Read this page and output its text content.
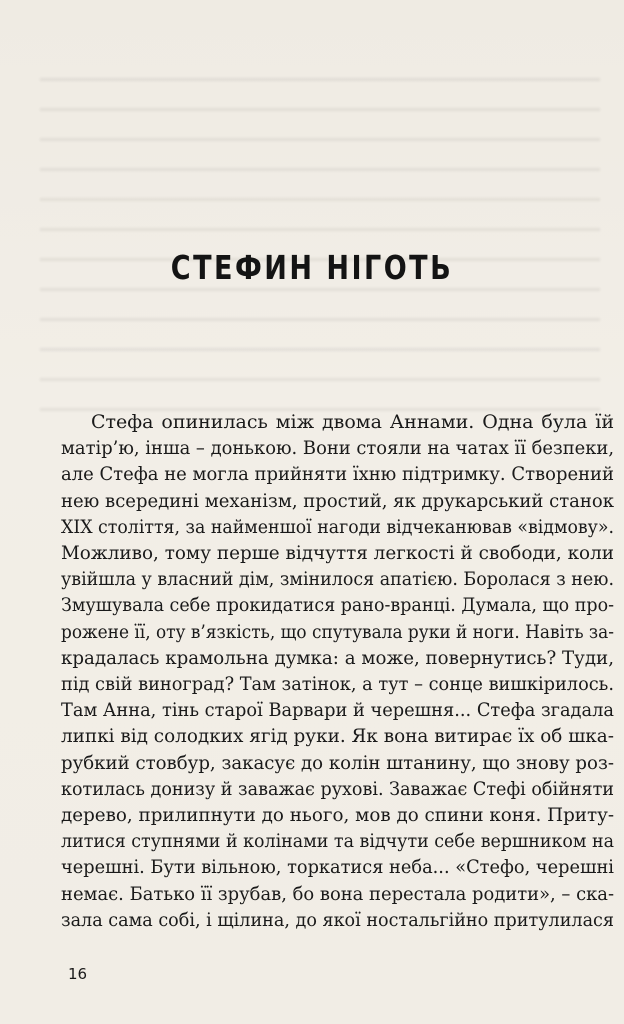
СТЕФИН НІГОТЬ
Стефа опинилась між двома Аннами. Одна була їй
матір’ю, інша – донькою. Вони стояли на чатах її безпеки,
але Стефа не могла прийняти їхню підтримку. Створений
нею всередині механізм, простий, як друкарський станок
XIX століття, за найменшої нагоди відчеканював «відмову».
Можливо, тому перше відчуття легкості й свободи, коли
увійшла у власний дім, змінилося апатією. Боролася з нею.
Змушувала себе прокидатися рано-вранці. Думала, що про-
роженe її, оту в’язкість, що спутувала руки й ноги. Навіть за-
крадалась крамольна думка: а може, повернутись? Туди,
під свій виноград? Там затінок, а тут – сонце вишкірилось.
Там Анна, тінь старої Варвари й черешня... Стефа згадала
липкі від солодких ягід руки. Як вона витирає їх об шка-
рубкий стовбур, закасує до колін штанину, що знову роз-
котилась донизу й заважає рухові. Заважає Стефі обійняти
дерево, прилипнути до нього, мов до спини коня. Приту-
литися ступнями й колінами та відчути себе вершником на
черешні. Бути вільною, торкатися неба... «Стефо, черешні
немає. Батько її зрубав, бо вона перестала родити», – ска-
зала сама собі, і щілина, до якої ностальгійно притулилася

16
